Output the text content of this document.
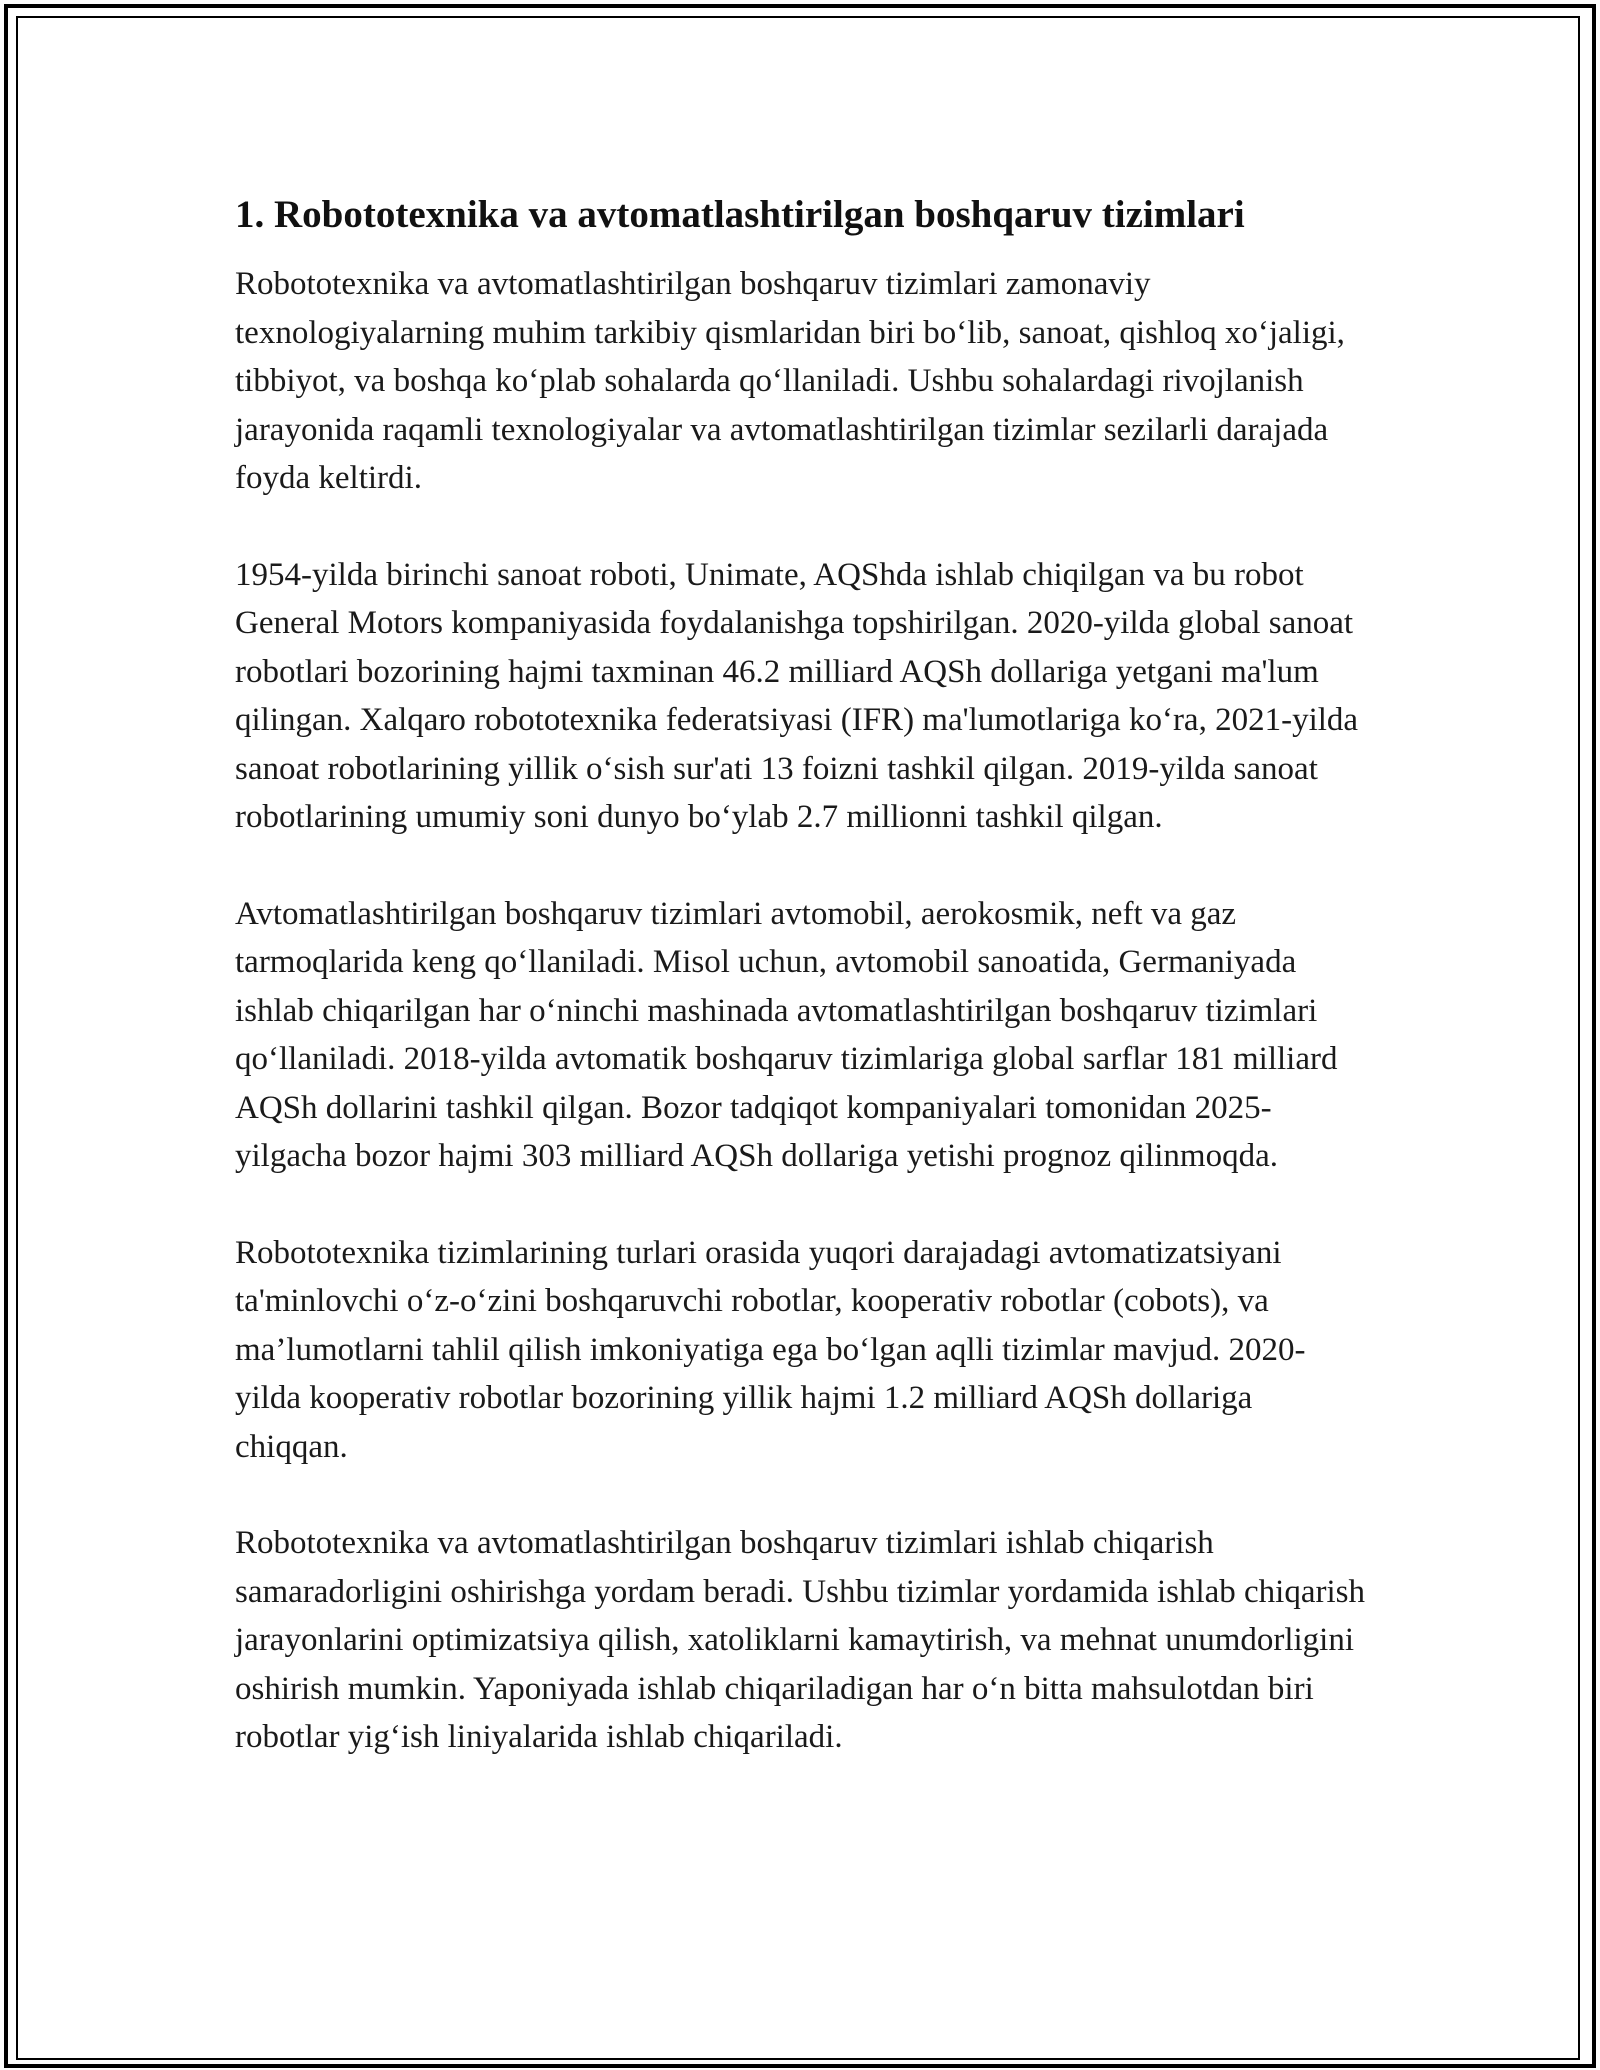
1. Robototexnika va avtomatlashtirilgan boshqaruv tizimlari

Robototexnika va avtomatlashtirilgan boshqaruv tizimlari zamonaviy texnologiyalarning muhim tarkibiy qismlaridan biri bo‘lib, sanoat, qishloq xo‘jaligi, tibbiyot, va boshqa ko‘plab sohalarda qo‘llaniladi. Ushbu sohalardagi rivojlanish jarayonida raqamli texnologiyalar va avtomatlashtirilgan tizimlar sezilarli darajada foyda keltirdi.

1954-yilda birinchi sanoat roboti, Unimate, AQShda ishlab chiqilgan va bu robot General Motors kompaniyasida foydalanishga topshirilgan. 2020-yilda global sanoat robotlari bozorining hajmi taxminan 46.2 milliard AQSh dollariga yetgani ma'lum qilingan. Xalqaro robototexnika federatsiyasi (IFR) ma'lumotlariga ko‘ra, 2021-yilda sanoat robotlarining yillik o‘sish sur'ati 13 foizni tashkil qilgan. 2019-yilda sanoat robotlarining umumiy soni dunyo bo‘ylab 2.7 millionni tashkil qilgan.

Avtomatlashtirilgan boshqaruv tizimlari avtomobil, aerokosmik, neft va gaz tarmoqlarida keng qo‘llaniladi. Misol uchun, avtomobil sanoatida, Germaniyada ishlab chiqarilgan har o‘ninchi mashinada avtomatlashtirilgan boshqaruv tizimlari qo‘llaniladi. 2018-yilda avtomatik boshqaruv tizimlariga global sarflar 181 milliard AQSh dollarini tashkil qilgan. Bozor tadqiqot kompaniyalari tomonidan 2025-yilgacha bozor hajmi 303 milliard AQSh dollariga yetishi prognoz qilinmoqda.

Robototexnika tizimlarining turlari orasida yuqori darajadagi avtomatizatsiyani ta'minlovchi o‘z-o‘zini boshqaruvchi robotlar, kooperativ robotlar (cobots), va ma’lumotlarni tahlil qilish imkoniyatiga ega bo‘lgan aqlli tizimlar mavjud. 2020-yilda kooperativ robotlar bozorining yillik hajmi 1.2 milliard AQSh dollariga chiqqan.

Robototexnika va avtomatlashtirilgan boshqaruv tizimlari ishlab chiqarish samaradorligini oshirishga yordam beradi. Ushbu tizimlar yordamida ishlab chiqarish jarayonlarini optimizatsiya qilish, xatoliklarni kamaytirish, va mehnat unumdorligini oshirish mumkin. Yaponiyada ishlab chiqariladigan har o‘n bitta mahsulotdan biri robotlar yig‘ish liniyalarida ishlab chiqariladi.
